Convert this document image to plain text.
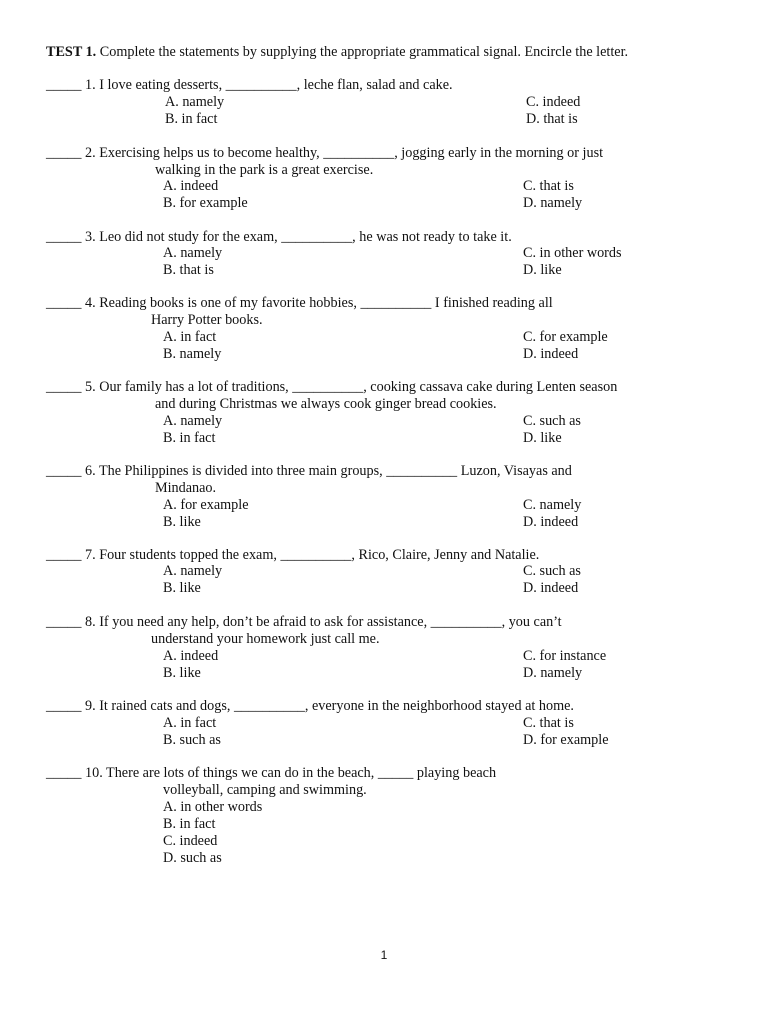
TEST 1. Complete the statements by supplying the appropriate grammatical signal. Encircle the letter.
_____ 1. I love eating desserts, __________, leche flan, salad and cake.
A. namely
B. in fact
C. indeed
D. that is
_____ 2. Exercising helps us to become healthy, __________, jogging early in the morning or just
walking in the park is a great exercise.
A. indeed
B. for example
C. that is
D. namely
_____ 3. Leo did not study for the exam, __________, he was not ready to take it.
A. namely
B. that is
C. in other words
D. like
_____ 4. Reading books is one of my favorite hobbies, __________ I finished reading all
Harry Potter books.
A. in fact
B. namely
C. for example
D. indeed
_____ 5. Our family has a lot of traditions, __________, cooking cassava cake during Lenten season
and during Christmas we always cook ginger bread cookies.
A. namely
B. in fact
C. such as
D. like
_____ 6. The Philippines is divided into three main groups, __________ Luzon, Visayas and
Mindanao.
A. for example
B. like
C. namely
D. indeed
_____ 7. Four students topped the exam, __________, Rico, Claire, Jenny and Natalie.
A. namely
B. like
C. such as
D. indeed
_____ 8. If you need any help, don’t be afraid to ask for assistance, __________, you can’t
understand your homework just call me.
A. indeed
B. like
C. for instance
D. namely
_____ 9. It rained cats and dogs, __________, everyone in the neighborhood stayed at home.
A. in fact
B. such as
C. that is
D. for example
_____ 10. There are lots of things we can do in the beach, _____ playing beach
volleyball, camping and swimming.
A. in other words
B. in fact
C. indeed
D. such as
1
